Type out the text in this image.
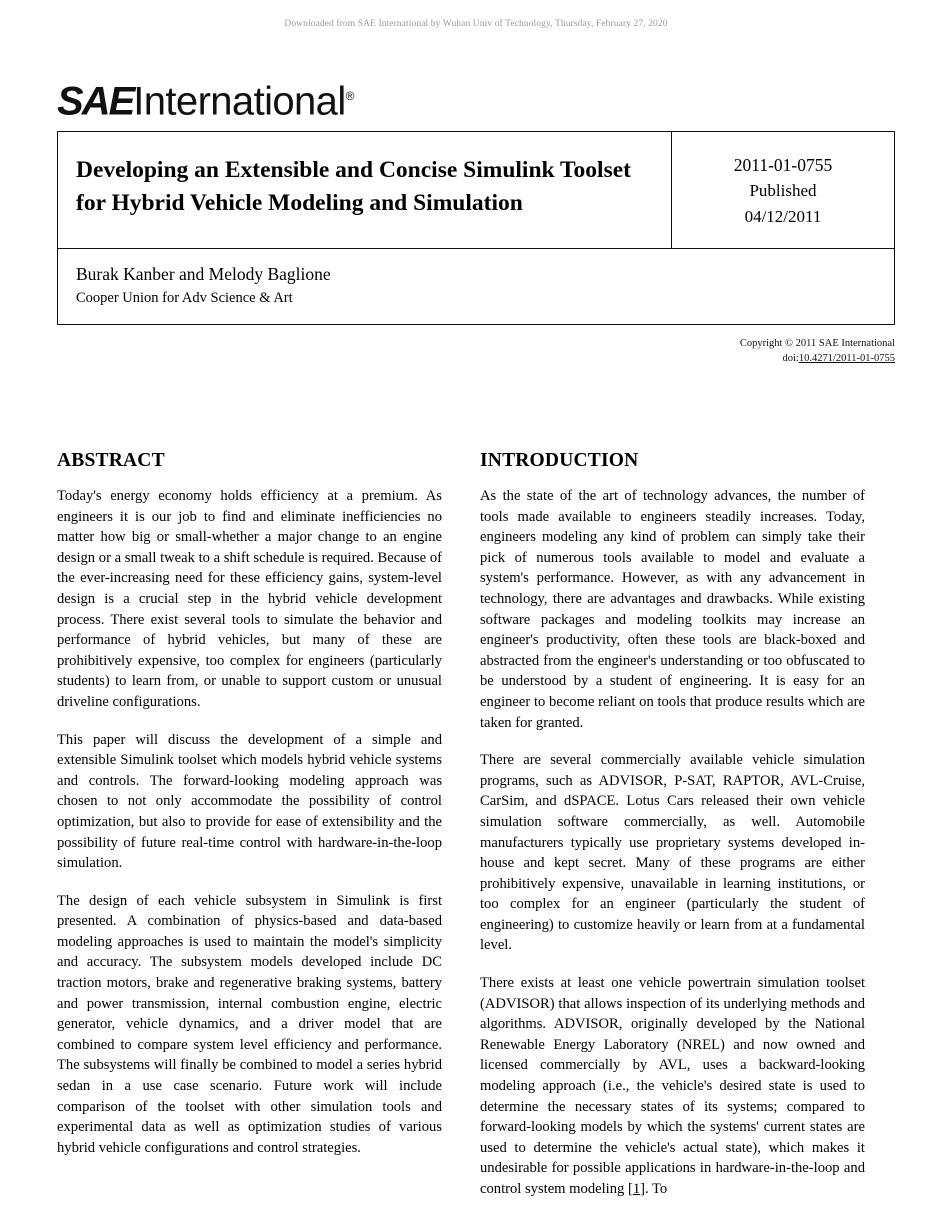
Downloaded from SAE International by Wuhan Univ of Technology, Thursday, February 27, 2020
SAEInternational®
Developing an Extensible and Concise Simulink Toolset for Hybrid Vehicle Modeling and Simulation
2011-01-0755
Published
04/12/2011
Burak Kanber and Melody Baglione
Cooper Union for Adv Science & Art
Copyright © 2011 SAE International
doi:10.4271/2011-01-0755
ABSTRACT

Today's energy economy holds efficiency at a premium. As engineers it is our job to find and eliminate inefficiencies no matter how big or small-whether a major change to an engine design or a small tweak to a shift schedule is required. Because of the ever-increasing need for these efficiency gains, system-level design is a crucial step in the hybrid vehicle development process. There exist several tools to simulate the behavior and performance of hybrid vehicles, but many of these are prohibitively expensive, too complex for engineers (particularly students) to learn from, or unable to support custom or unusual driveline configurations.

This paper will discuss the development of a simple and extensible Simulink toolset which models hybrid vehicle systems and controls. The forward-looking modeling approach was chosen to not only accommodate the possibility of control optimization, but also to provide for ease of extensibility and the possibility of future real-time control with hardware-in-the-loop simulation.

The design of each vehicle subsystem in Simulink is first presented. A combination of physics-based and data-based modeling approaches is used to maintain the model's simplicity and accuracy. The subsystem models developed include DC traction motors, brake and regenerative braking systems, battery and power transmission, internal combustion engine, electric generator, vehicle dynamics, and a driver model that are combined to compare system level efficiency and performance. The subsystems will finally be combined to model a series hybrid sedan in a use case scenario. Future work will include comparison of the toolset with other simulation tools and experimental data as well as optimization studies of various hybrid vehicle configurations and control strategies.

INTRODUCTION

As the state of the art of technology advances, the number of tools made available to engineers steadily increases. Today, engineers modeling any kind of problem can simply take their pick of numerous tools available to model and evaluate a system's performance. However, as with any advancement in technology, there are advantages and drawbacks. While existing software packages and modeling toolkits may increase an engineer's productivity, often these tools are black-boxed and abstracted from the engineer's understanding or too obfuscated to be understood by a student of engineering. It is easy for an engineer to become reliant on tools that produce results which are taken for granted.

There are several commercially available vehicle simulation programs, such as ADVISOR, P-SAT, RAPTOR, AVL-Cruise, CarSim, and dSPACE. Lotus Cars released their own vehicle simulation software commercially, as well. Automobile manufacturers typically use proprietary systems developed in-house and kept secret. Many of these programs are either prohibitively expensive, unavailable in learning institutions, or too complex for an engineer (particularly the student of engineering) to customize heavily or learn from at a fundamental level.

There exists at least one vehicle powertrain simulation toolset (ADVISOR) that allows inspection of its underlying methods and algorithms. ADVISOR, originally developed by the National Renewable Energy Laboratory (NREL) and now owned and licensed commercially by AVL, uses a backward-looking modeling approach (i.e., the vehicle's desired state is used to determine the necessary states of its systems; compared to forward-looking models by which the systems' current states are used to determine the vehicle's actual state), which makes it undesirable for possible applications in hardware-in-the-loop and control system modeling [1]. To
